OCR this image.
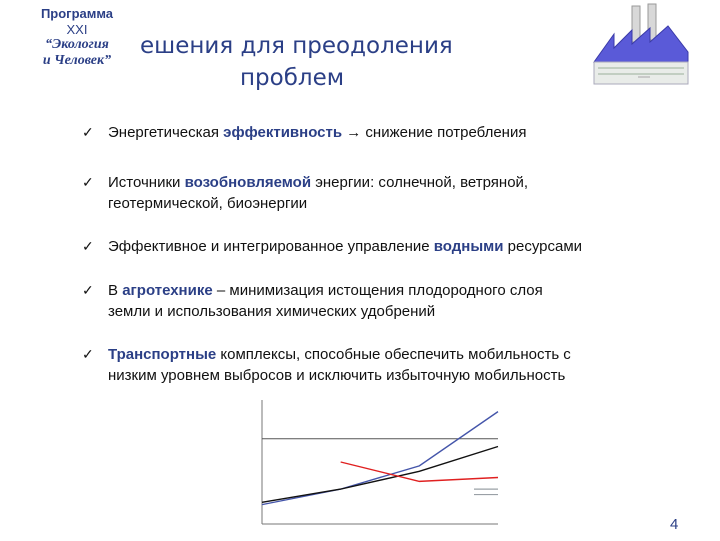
Программа
XXI
“Экология
и Человек”
ешения для преодоления
проблем
✓ Энергетическая эффективность → снижение потребления
✓ Источники возобновляемой энергии: солнечной, ветряной,
геотермической, биоэнергии
✓ Эффективное и интегрированное управление водными ресурсами
✓ В агротехнике – минимизация истощения плодородного слоя
земли и использования химических удобрений
✓ Транспортные комплексы, способные обеспечить мобильность с
низким уровнем выбросов и исключить избыточную мобильность
4
